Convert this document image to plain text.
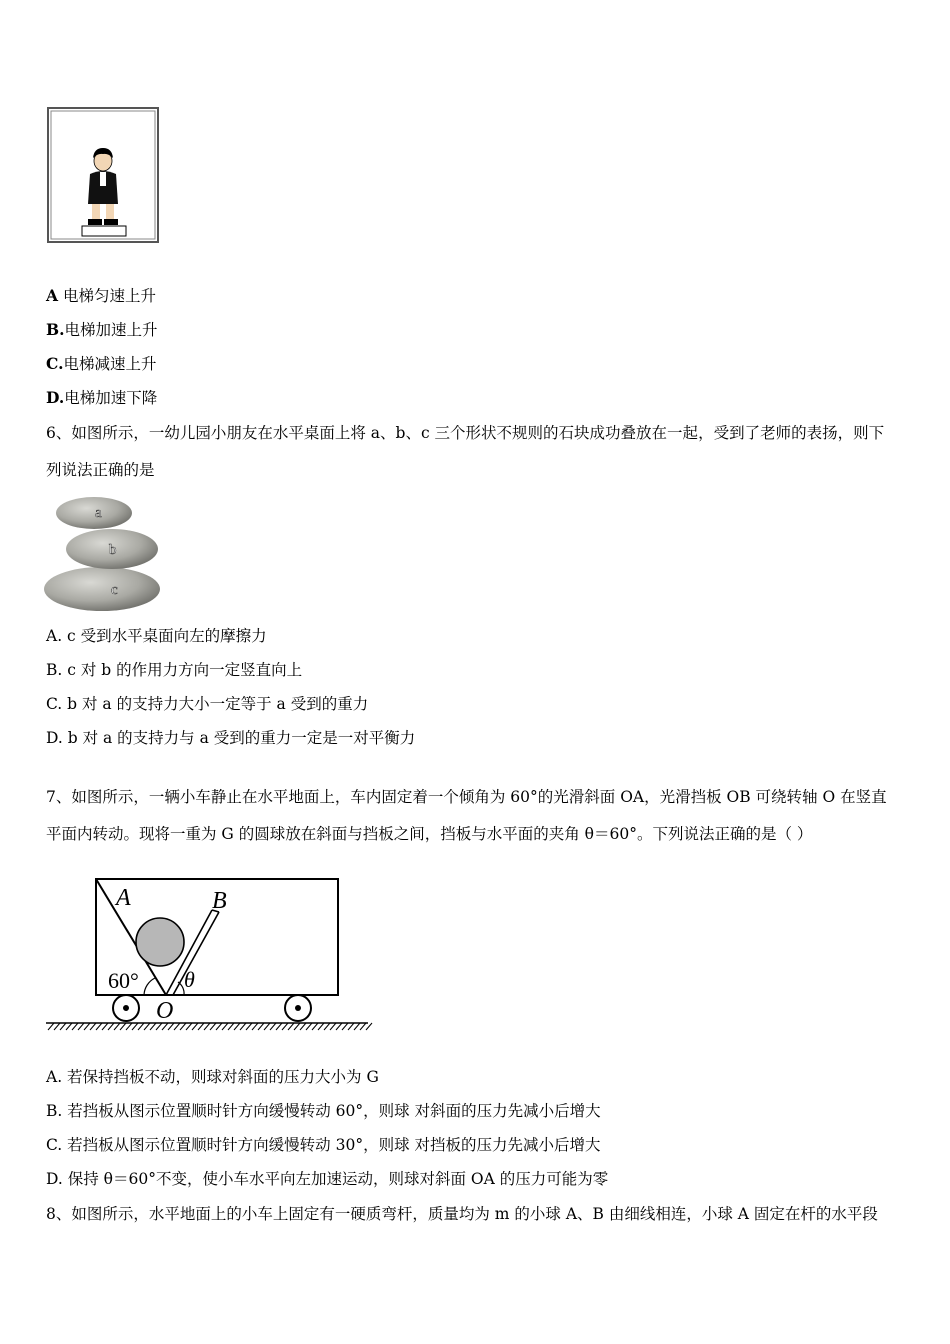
A 电梯匀速上升
B.电梯加速上升
C.电梯减速上升
D.电梯加速下降
6、如图所示，一幼儿园小朋友在水平桌面上将 a、b、c 三个形状不规则的石块成功叠放在一起，受到了老师的表扬，则下
列说法正确的是
a
b
c
A. c 受到水平桌面向左的摩擦力
B. c 对 b 的作用力方向一定竖直向上
C. b 对 a 的支持力大小一定等于 a 受到的重力
D. b 对 a 的支持力与 a 受到的重力一定是一对平衡力
7、如图所示，一辆小车静止在水平地面上，车内固定着一个倾角为 60°的光滑斜面 OA，光滑挡板 OB 可绕转轴 O 在竖直
平面内转动。现将一重为 G 的圆球放在斜面与挡板之间，挡板与水平面的夹角 θ＝60°。下列说法正确的是（ ）
A	B
60° θ
O
A. 若保持挡板不动，则球对斜面的压力大小为 G
B. 若挡板从图示位置顺时针方向缓慢转动 60°，则球 对斜面的压力先减小后增大
C. 若挡板从图示位置顺时针方向缓慢转动 30°，则球 对挡板的压力先减小后增大
D. 保持 θ＝60°不变，使小车水平向左加速运动，则球对斜面 OA 的压力可能为零
8、如图所示，水平地面上的小车上固定有一硬质弯杆，质量均为 m 的小球 A、B 由细线相连，小球 A 固定在杆的水平段
